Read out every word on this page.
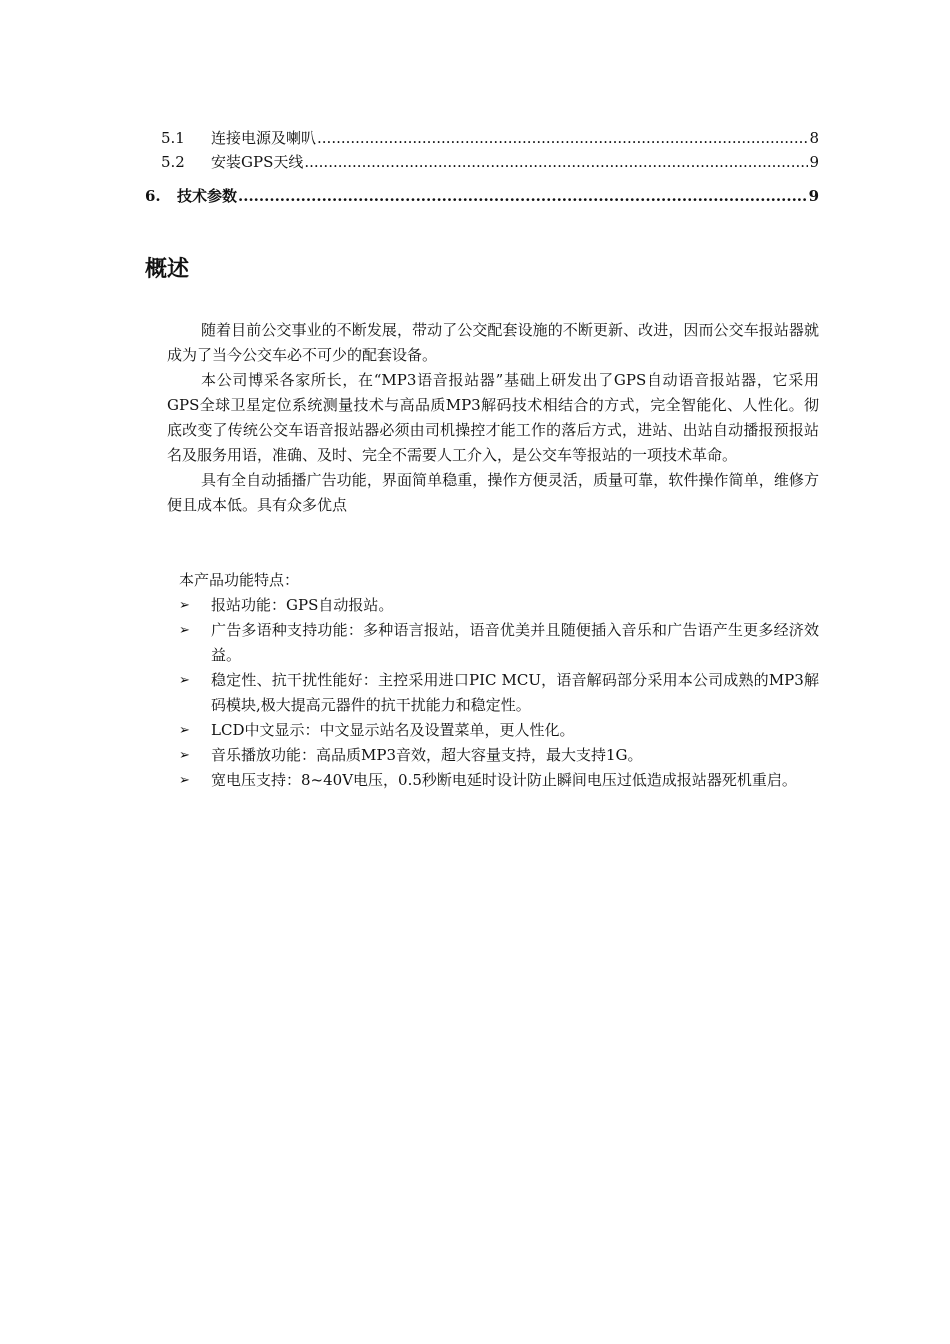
5.1	连接电源及喇叭 .....	8
5.2	安装GPS天线 .....	9
6.	技术参数 .....	9
概述

随着目前公交事业的不断发展，带动了公交配套设施的不断更新、改进，因而公交车报站器就成为了当今公交车必不可少的配套设备。

本公司博采各家所长，在“MP3语音报站器”基础上研发出了GPS自动语音报站器，它采用GPS全球卫星定位系统测量技术与高品质MP3解码技术相结合的方式，完全智能化、人性化。彻底改变了传统公交车语音报站器必须由司机操控才能工作的落后方式，进站、出站自动播报预报站名及服务用语，准确、及时、完全不需要人工介入，是公交车等报站的一项技术革命。

具有全自动插播广告功能，界面简单稳重，操作方便灵活，质量可靠，软件操作简单，维修方便且成本低。具有众多优点

本产品功能特点：

➢	报站功能：GPS自动报站。
➢	广告多语种支持功能：多种语言报站，语音优美并且随便插入音乐和广告语产生更多经济效益。
➢	稳定性、抗干扰性能好：主控采用进口PIC MCU，语音解码部分采用本公司成熟的MP3解码模块,极大提高元器件的抗干扰能力和稳定性。
➢	LCD中文显示：中文显示站名及设置菜单，更人性化。
➢	音乐播放功能：高品质MP3音效，超大容量支持，最大支持1G。
➢	宽电压支持：8~40V电压，0.5秒断电延时设计防止瞬间电压过低造成报站器死机重启。
